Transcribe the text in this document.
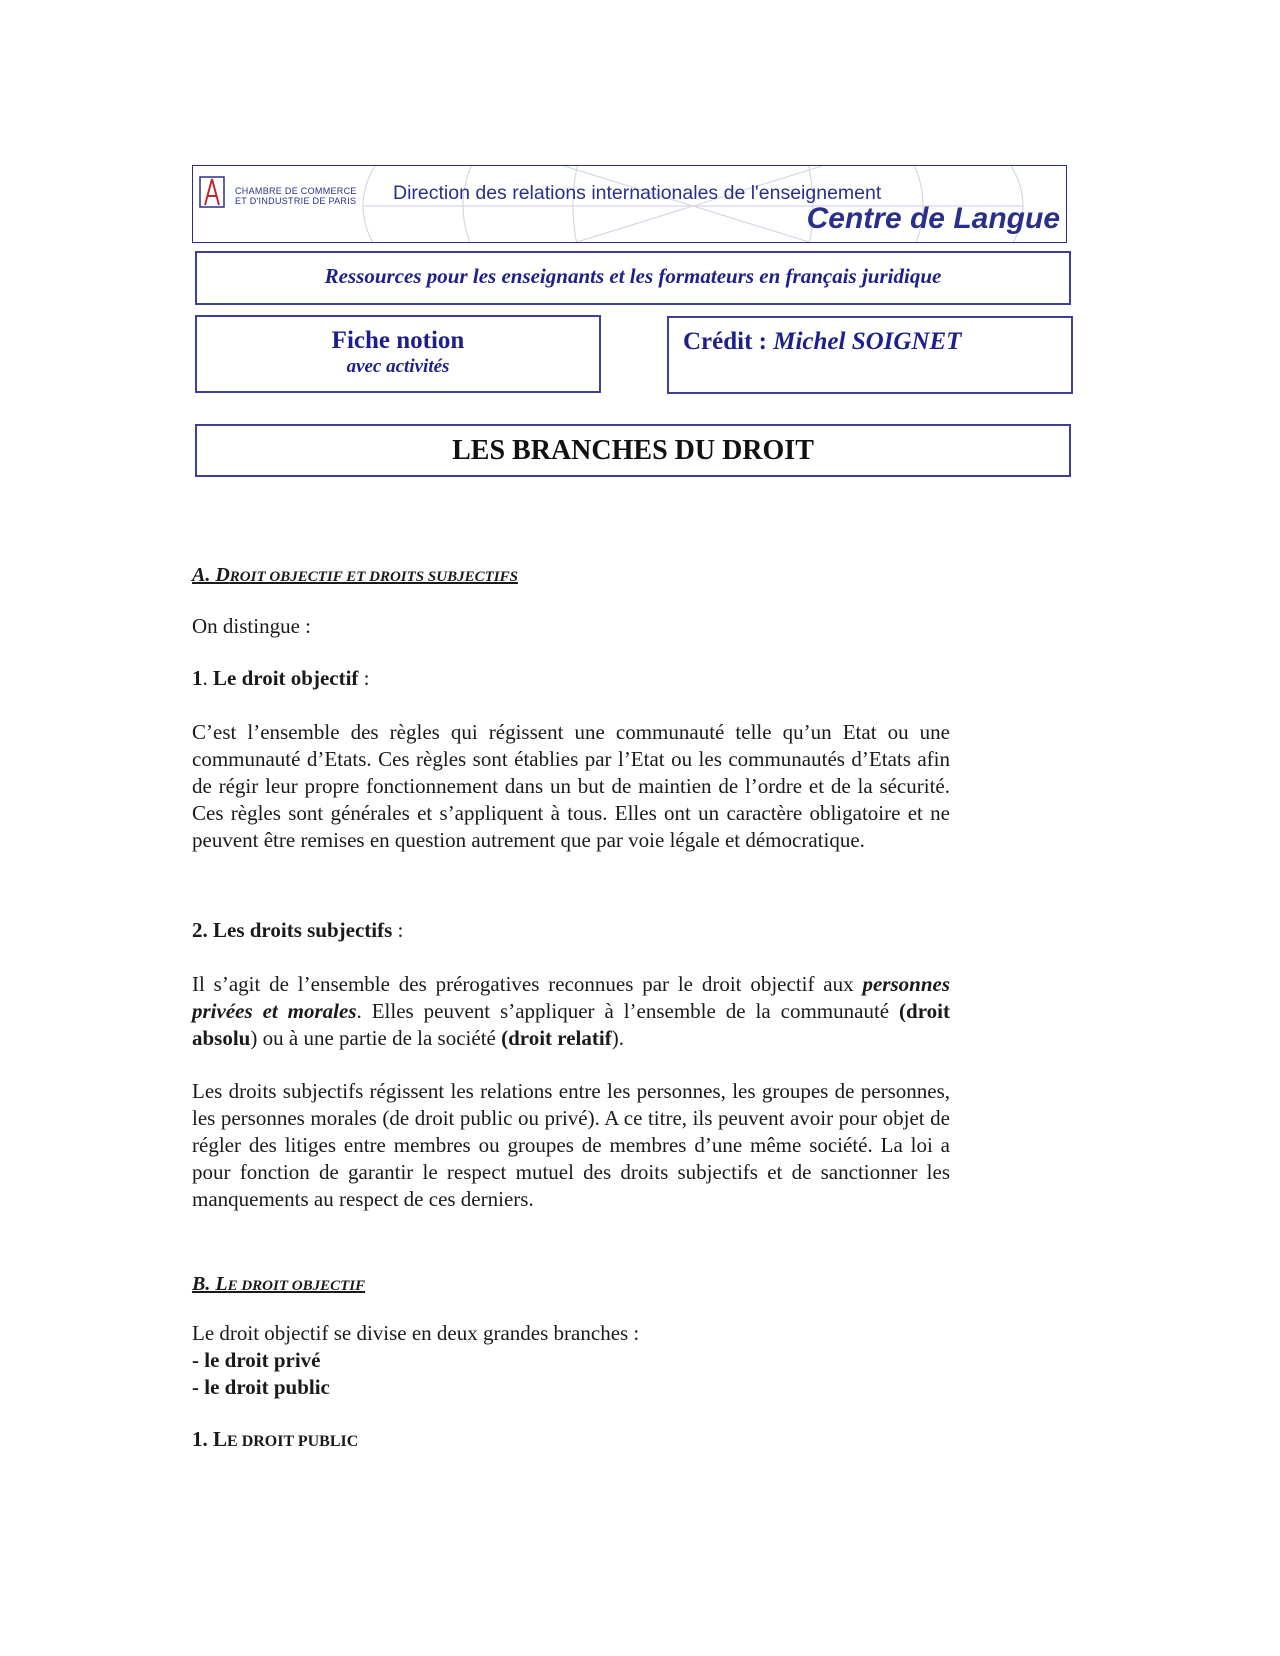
CHAMBRE DE COMMERCE
ET D'INDUSTRIE DE PARIS Direction des relations internationales de l'enseignement
Centre de Langue
Ressources pour les enseignants et les formateurs en français juridique
Fiche notion
avec activités
Crédit : Michel SOIGNET
LES BRANCHES DU DROIT
A. DROIT OBJECTIF ET DROITS SUBJECTIFS
On distingue :
1. Le droit objectif :
C’est l’ensemble des règles qui régissent une communauté telle qu’un Etat ou une communauté d’Etats. Ces règles sont établies par l’Etat ou les communautés d’Etats afin de régir leur propre fonctionnement dans un but de maintien de l’ordre et de la sécurité. Ces règles sont générales et s’appliquent à tous. Elles ont un caractère obligatoire et ne peuvent être remises en question autrement que par voie légale et démocratique.
2. Les droits subjectifs :
Il s’agit de l’ensemble des prérogatives reconnues par le droit objectif aux personnes privées et morales. Elles peuvent s’appliquer à l’ensemble de la communauté (droit absolu) ou à une partie de la société (droit relatif).
Les droits subjectifs régissent les relations entre les personnes, les groupes de personnes, les personnes morales (de droit public ou privé). A ce titre, ils peuvent avoir pour objet de régler des litiges entre membres ou groupes de membres d’une même société. La loi a pour fonction de garantir le respect mutuel des droits subjectifs et de sanctionner les manquements au respect de ces derniers.
B. LE DROIT OBJECTIF
Le droit objectif se divise en deux grandes branches :
- le droit privé
- le droit public
1. LE DROIT PUBLIC
